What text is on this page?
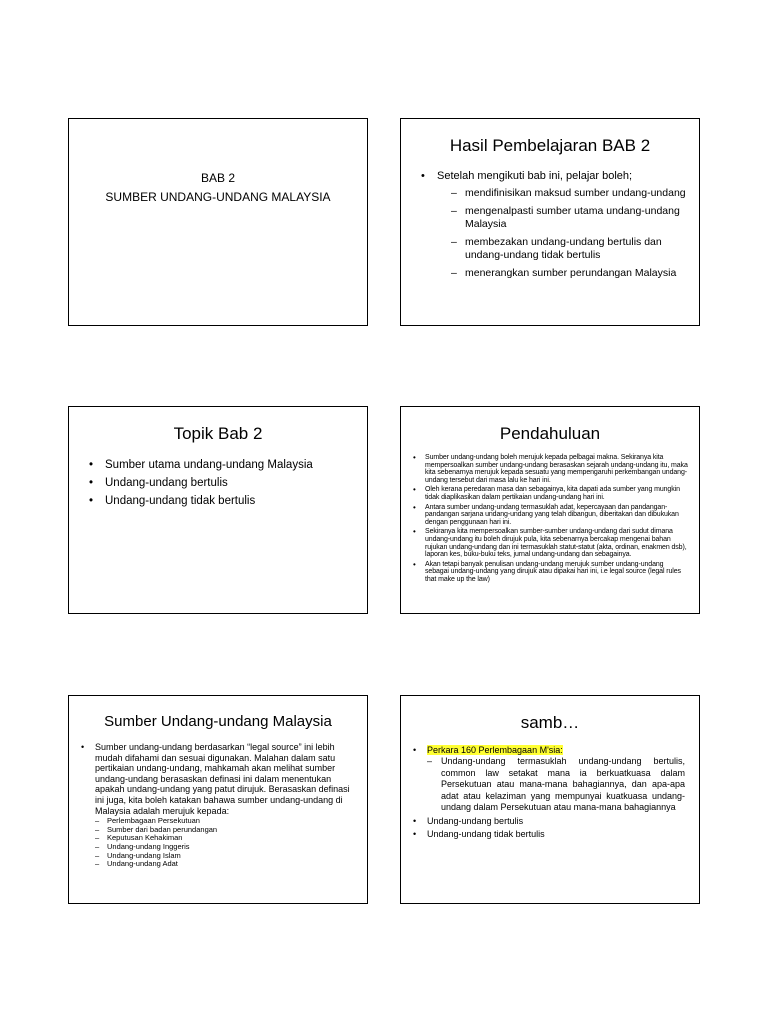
BAB 2
SUMBER UNDANG-UNDANG MALAYSIA
Hasil Pembelajaran BAB 2
• Setelah mengikuti bab ini, pelajar boleh;
– mendifinisikan maksud sumber undang-undang
– mengenalpasti sumber utama undang-undang Malaysia
– membezakan undang-undang bertulis dan undang-undang tidak bertulis
– menerangkan sumber perundangan Malaysia
Topik Bab 2
• Sumber utama undang-undang Malaysia
• Undang-undang bertulis
• Undang-undang tidak bertulis
Pendahuluan
• Sumber undang-undang boleh merujuk kepada pelbagai makna. Sekiranya kita mempersoalkan sumber undang-undang berasaskan sejarah undang-undang itu, maka kita sebenarnya merujuk kepada sesuatu yang mempengaruhi perkembangan undang-undang tersebut dari masa lalu ke hari ini.
• Oleh kerana peredaran masa dan sebagainya, kita dapati ada sumber yang mungkin tidak diaplikasikan dalam pertikaian undang-undang hari ini.
• Antara sumber undang-undang termasuklah adat, kepercayaan dan pandangan-pandangan sarjana undang-undang yang telah dibangun, diberitakan dan dibukukan dengan penggunaan hari ini.
• Sekiranya kita mempersoalkan sumber-sumber undang-undang dari sudut dimana undang-undang itu boleh dirujuk pula, kita sebenarnya bercakap mengenai bahan rujukan undang-undang dan ini termasuklah statut-statut (akta, ordinan, enakmen dsb), laporan kes, buku-buku teks, jurnal undang-undang dan sebagainya.
• Akan tetapi banyak penulisan undang-undang merujuk sumber undang-undang sebagai undang-undang yang dirujuk atau dipakai hari ini, i.e legal source (legal rules that make up the law)
Sumber Undang-undang Malaysia
• Sumber undang-undang berdasarkan “legal source” ini lebih mudah difahami dan sesuai digunakan. Malahan dalam satu pertikaian undang-undang, mahkamah akan melihat sumber undang-undang berasaskan definasi ini dalam menentukan apakah undang-undang yang patut dirujuk. Berasaskan definasi ini juga, kita boleh katakan bahawa sumber undang-undang di Malaysia adalah merujuk kepada:
– Perlembagaan Persekutuan
– Sumber dari badan perundangan
– Keputusan Kehakiman
– Undang-undang Inggeris
– Undang-undang Islam
– Undang-undang Adat
samb…
• Perkara 160 Perlembagaan M'sia:
– Undang-undang termasuklah undang-undang bertulis, common law setakat mana ia berkuatkuasa dalam Persekutuan atau mana-mana bahagiannya, dan apa-apa adat atau kelaziman yang mempunyai kuatkuasa undang-undang dalam Persekutuan atau mana-mana bahagiannya
• Undang-undang bertulis
• Undang-undang tidak bertulis
